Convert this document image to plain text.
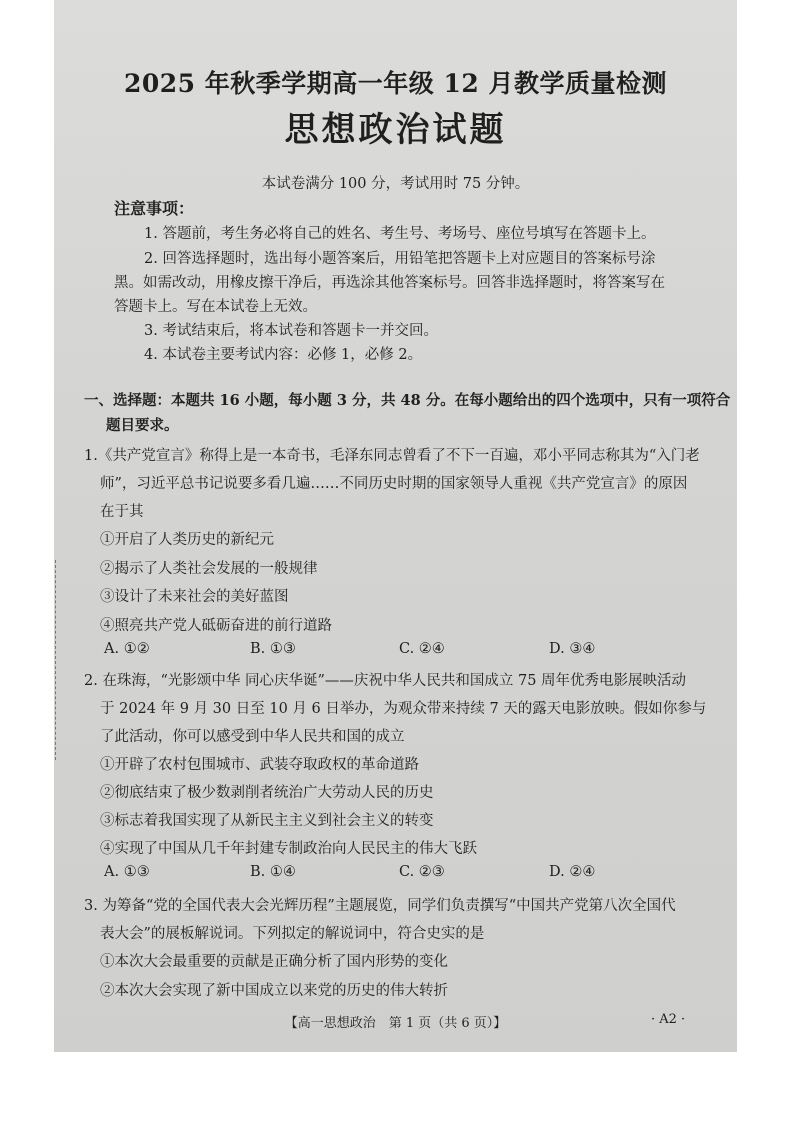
2025 年秋季学期高一年级 12 月教学质量检测
思想政治试题
本试卷满分 100 分，考试用时 75 分钟。
注意事项：
1. 答题前，考生务必将自己的姓名、考生号、考场号、座位号填写在答题卡上。
2. 回答选择题时，选出每小题答案后，用铅笔把答题卡上对应题目的答案标号涂
黑。如需改动，用橡皮擦干净后，再选涂其他答案标号。回答非选择题时，将答案写在
答题卡上。写在本试卷上无效。
3. 考试结束后，将本试卷和答题卡一并交回。
4. 本试卷主要考试内容：必修 1，必修 2。
一、选择题：本题共 16 小题，每小题 3 分，共 48 分。在每小题给出的四个选项中，只有一项符合
题目要求。
1.《共产党宣言》称得上是一本奇书，毛泽东同志曾看了不下一百遍，邓小平同志称其为“入门老
师”，习近平总书记说要多看几遍……不同历史时期的国家领导人重视《共产党宣言》的原因
在于其
①开启了人类历史的新纪元
②揭示了人类社会发展的一般规律
③设计了未来社会的美好蓝图
④照亮共产党人砥砺奋进的前行道路
A. ①②	B. ①③	C. ②④	D. ③④
2. 在珠海，“光影颂中华 同心庆华诞”——庆祝中华人民共和国成立 75 周年优秀电影展映活动
于 2024 年 9 月 30 日至 10 月 6 日举办，为观众带来持续 7 天的露天电影放映。假如你参与
了此活动，你可以感受到中华人民共和国的成立
①开辟了农村包围城市、武装夺取政权的革命道路
②彻底结束了极少数剥削者统治广大劳动人民的历史
③标志着我国实现了从新民主主义到社会主义的转变
④实现了中国从几千年封建专制政治向人民民主的伟大飞跃
A. ①③	B. ①④	C. ②③	D. ②④
3. 为筹备“党的全国代表大会光辉历程”主题展览，同学们负责撰写“中国共产党第八次全国代
表大会”的展板解说词。下列拟定的解说词中，符合史实的是
①本次大会最重要的贡献是正确分析了国内形势的变化
②本次大会实现了新中国成立以来党的历史的伟大转折
【高一思想政治　第 1 页（共 6 页）】	· A2 ·
